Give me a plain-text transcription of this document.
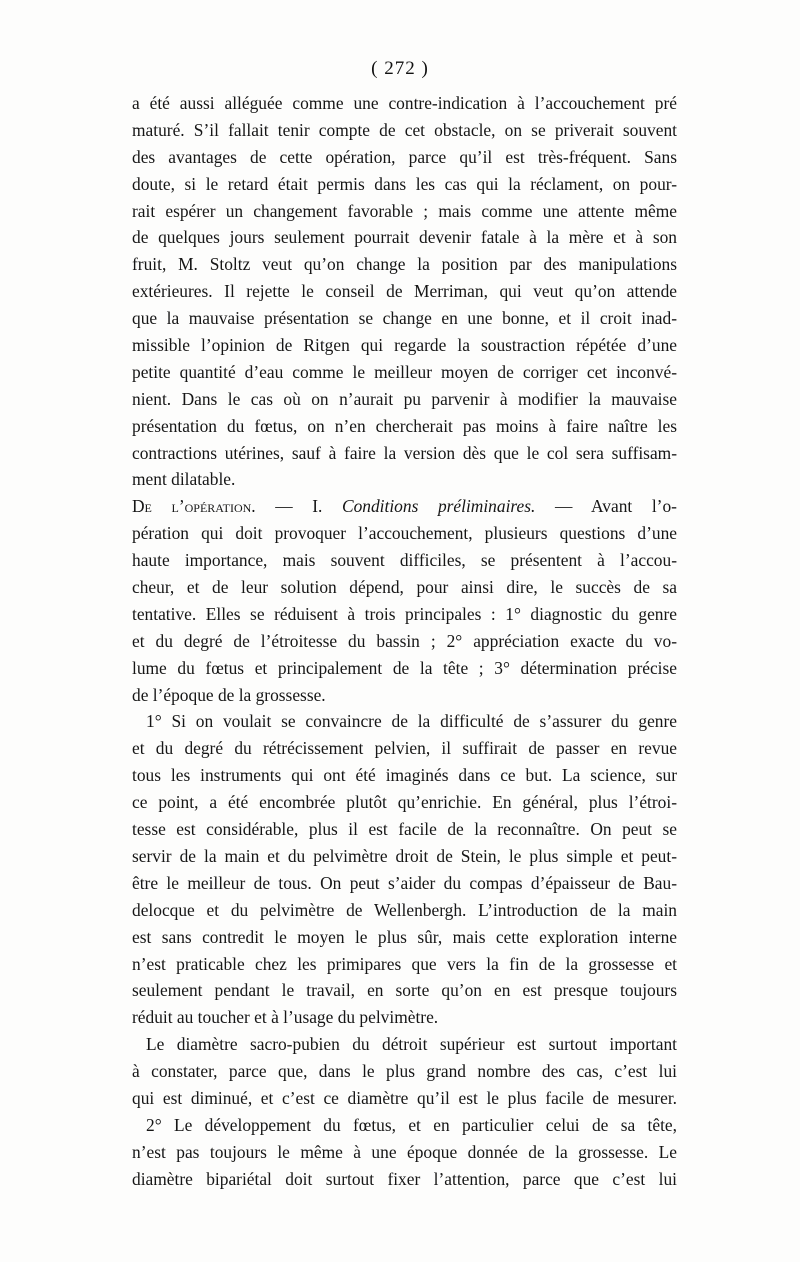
( 272 )
a été aussi alléguée comme une contre-indication à l’accouchement pré
maturé. S’il fallait tenir compte de cet obstacle, on se priverait souvent
des avantages de cette opération, parce qu’il est très-fréquent. Sans
doute, si le retard était permis dans les cas qui la réclament, on pour-
rait espérer un changement favorable ; mais comme une attente même
de quelques jours seulement pourrait devenir fatale à la mère et à son
fruit, M. Stoltz veut qu’on change la position par des manipulations
extérieures. Il rejette le conseil de Merriman, qui veut qu’on attende
que la mauvaise présentation se change en une bonne, et il croit inad-
missible l’opinion de Ritgen qui regarde la soustraction répétée d’une
petite quantité d’eau comme le meilleur moyen de corriger cet inconvé-
nient. Dans le cas où on n’aurait pu parvenir à modifier la mauvaise
présentation du fœtus, on n’en chercherait pas moins à faire naître les
contractions utérines, sauf à faire la version dès que le col sera suffisam-
ment dilatable.
De l’opération. — I. Conditions préliminaires. — Avant l’o-
pération qui doit provoquer l’accouchement, plusieurs questions d’une
haute importance, mais souvent difficiles, se présentent à l’accou-
cheur, et de leur solution dépend, pour ainsi dire, le succès de sa
tentative. Elles se réduisent à trois principales : 1° diagnostic du genre
et du degré de l’étroitesse du bassin ; 2° appréciation exacte du vo-
lume du fœtus et principalement de la tête ; 3° détermination précise
de l’époque de la grossesse.
1° Si on voulait se convaincre de la difficulté de s’assurer du genre
et du degré du rétrécissement pelvien, il suffirait de passer en revue
tous les instruments qui ont été imaginés dans ce but. La science, sur
ce point, a été encombrée plutôt qu’enrichie. En général, plus l’étroi-
tesse est considérable, plus il est facile de la reconnaître. On peut se
servir de la main et du pelvimètre droit de Stein, le plus simple et peut-
être le meilleur de tous. On peut s’aider du compas d’épaisseur de Bau-
delocque et du pelvimètre de Wellenbergh. L’introduction de la main
est sans contredit le moyen le plus sûr, mais cette exploration interne
n’est praticable chez les primipares que vers la fin de la grossesse et
seulement pendant le travail, en sorte qu’on en est presque toujours
réduit au toucher et à l’usage du pelvimètre.
Le diamètre sacro-pubien du détroit supérieur est surtout important
à constater, parce que, dans le plus grand nombre des cas, c’est lui
qui est diminué, et c’est ce diamètre qu’il est le plus facile de mesurer.
2° Le développement du fœtus, et en particulier celui de sa tête,
n’est pas toujours le même à une époque donnée de la grossesse. Le
diamètre bipariétal doit surtout fixer l’attention, parce que c’est lui
